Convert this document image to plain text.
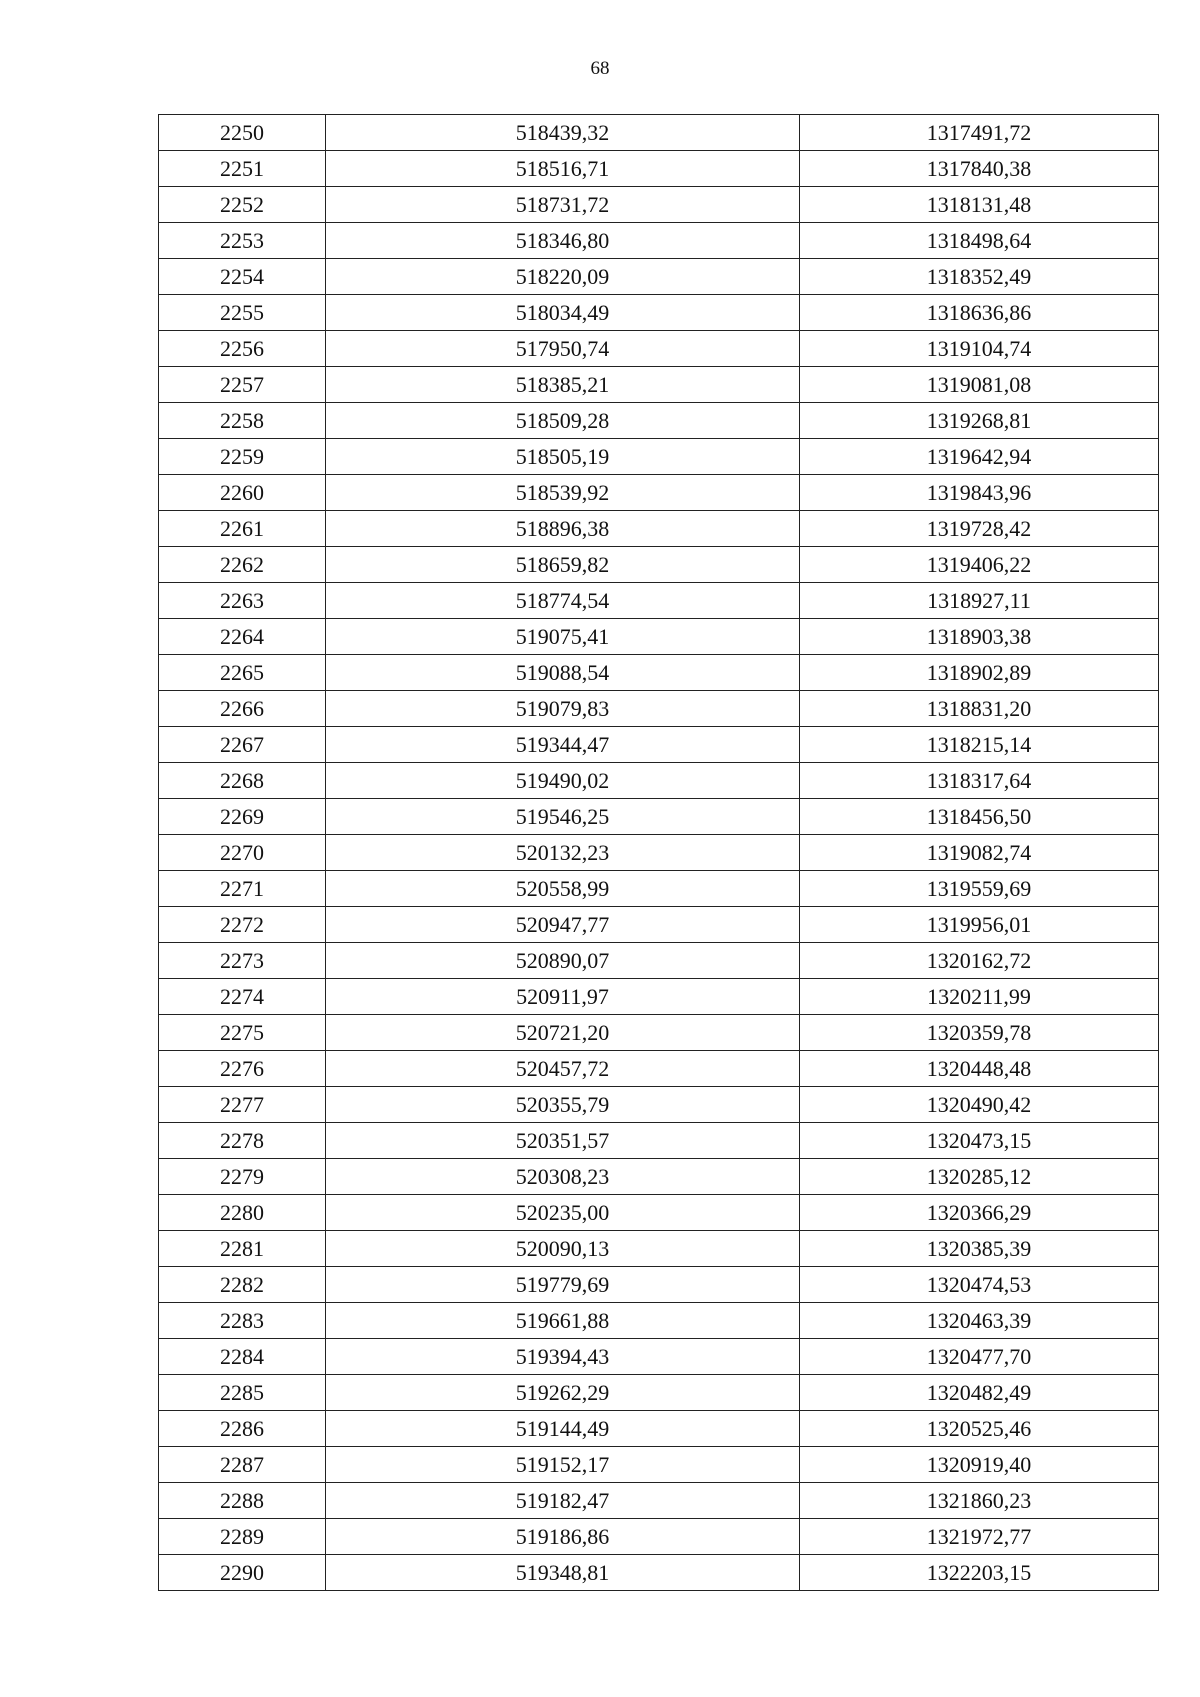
68
2250	518439,32	1317491,72
2251	518516,71	1317840,38
2252	518731,72	1318131,48
2253	518346,80	1318498,64
2254	518220,09	1318352,49
2255	518034,49	1318636,86
2256	517950,74	1319104,74
2257	518385,21	1319081,08
2258	518509,28	1319268,81
2259	518505,19	1319642,94
2260	518539,92	1319843,96
2261	518896,38	1319728,42
2262	518659,82	1319406,22
2263	518774,54	1318927,11
2264	519075,41	1318903,38
2265	519088,54	1318902,89
2266	519079,83	1318831,20
2267	519344,47	1318215,14
2268	519490,02	1318317,64
2269	519546,25	1318456,50
2270	520132,23	1319082,74
2271	520558,99	1319559,69
2272	520947,77	1319956,01
2273	520890,07	1320162,72
2274	520911,97	1320211,99
2275	520721,20	1320359,78
2276	520457,72	1320448,48
2277	520355,79	1320490,42
2278	520351,57	1320473,15
2279	520308,23	1320285,12
2280	520235,00	1320366,29
2281	520090,13	1320385,39
2282	519779,69	1320474,53
2283	519661,88	1320463,39
2284	519394,43	1320477,70
2285	519262,29	1320482,49
2286	519144,49	1320525,46
2287	519152,17	1320919,40
2288	519182,47	1321860,23
2289	519186,86	1321972,77
2290	519348,81	1322203,15
